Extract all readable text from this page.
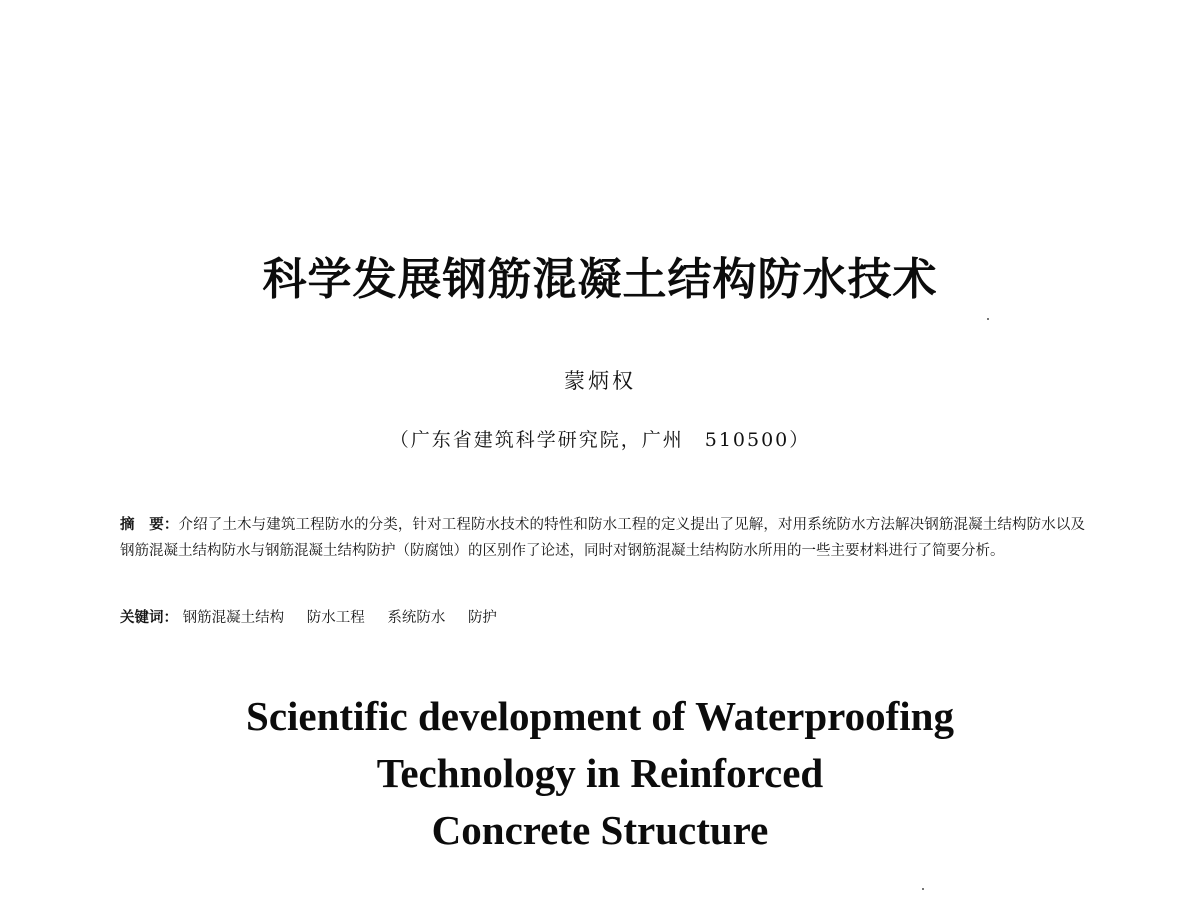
科学发展钢筋混凝土结构防水技术
蒙炳权
（广东省建筑科学研究院，广州　510500）
摘　要：介绍了土木与建筑工程防水的分类，针对工程防水技术的特性和防水工程的定义提出了见解，对用系统防水方法解决钢筋混凝土结构防水以及钢筋混凝土结构防水与钢筋混凝土结构防护（防腐蚀）的区别作了论述，同时对钢筋混凝土结构防水所用的一些主要材料进行了简要分析。
关键词： 钢筋混凝土结构 防水工程 系统防水 防护
Scientific development of Waterproofing
Technology in Reinforced
Concrete Structure
